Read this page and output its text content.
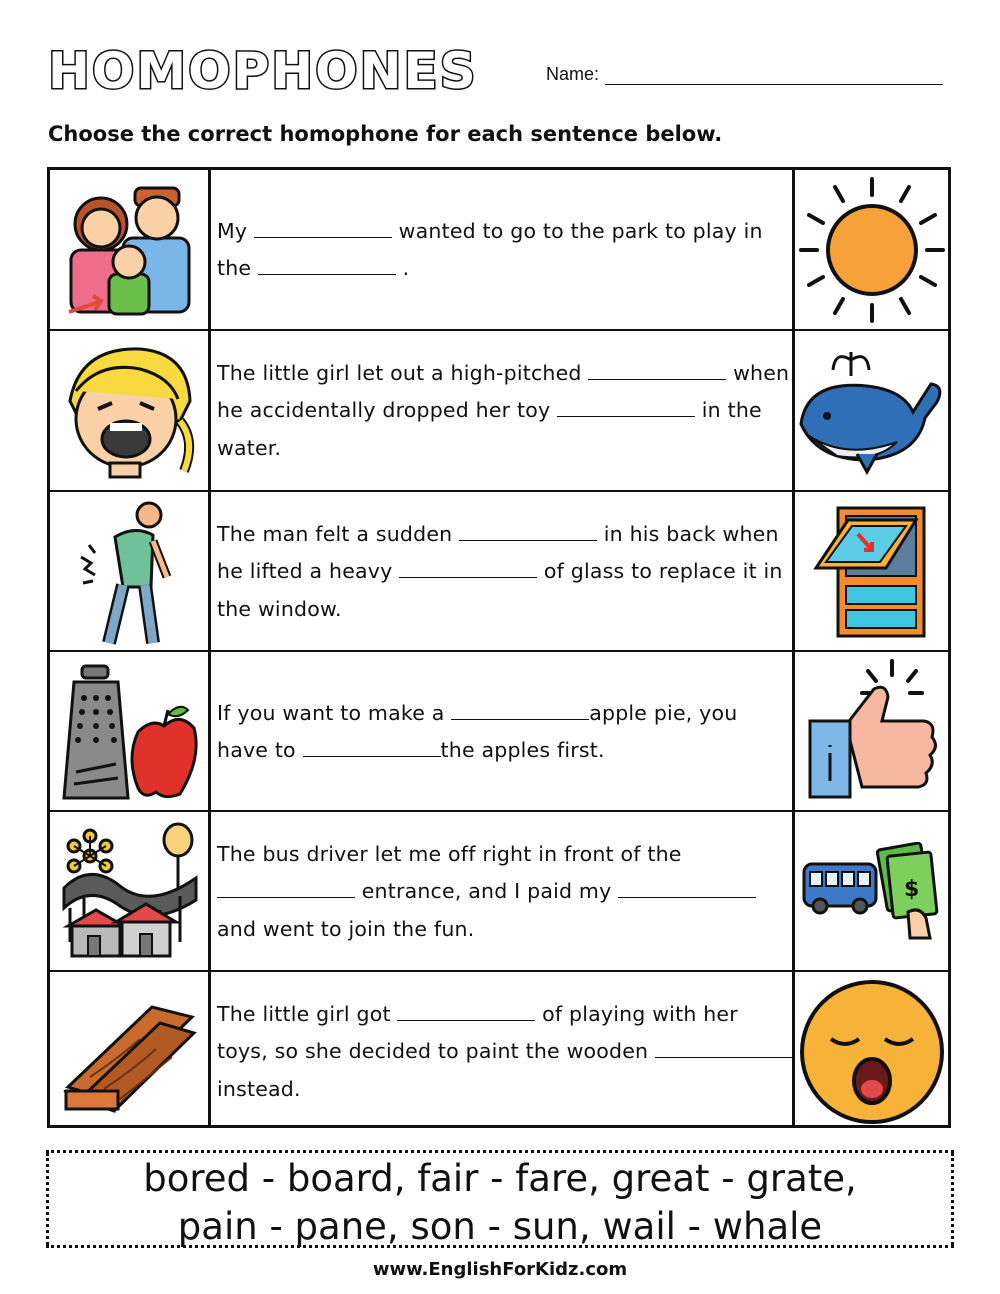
HOMOPHONES	Name:
Choose the correct homophone for each sentence below.

My	wanted to go to the park to play in the	.

The little girl let out a high-pitched	when he accidentally dropped her toy	in the water.

The man felt a sudden	in his back when he lifted a heavy	of glass to replace it in the window.

If you want to make a	apple pie, you have to	the apples first.

The bus driver let me off right in front of the  entrance, and I paid my  and went to join the fun.

$

The little girl got	of playing with her toys, so she decided to paint the wooden  instead.

bored - board, fair - fare, great - grate,
pain - pane, son - sun, wail - whale
www.EnglishForKidz.com
